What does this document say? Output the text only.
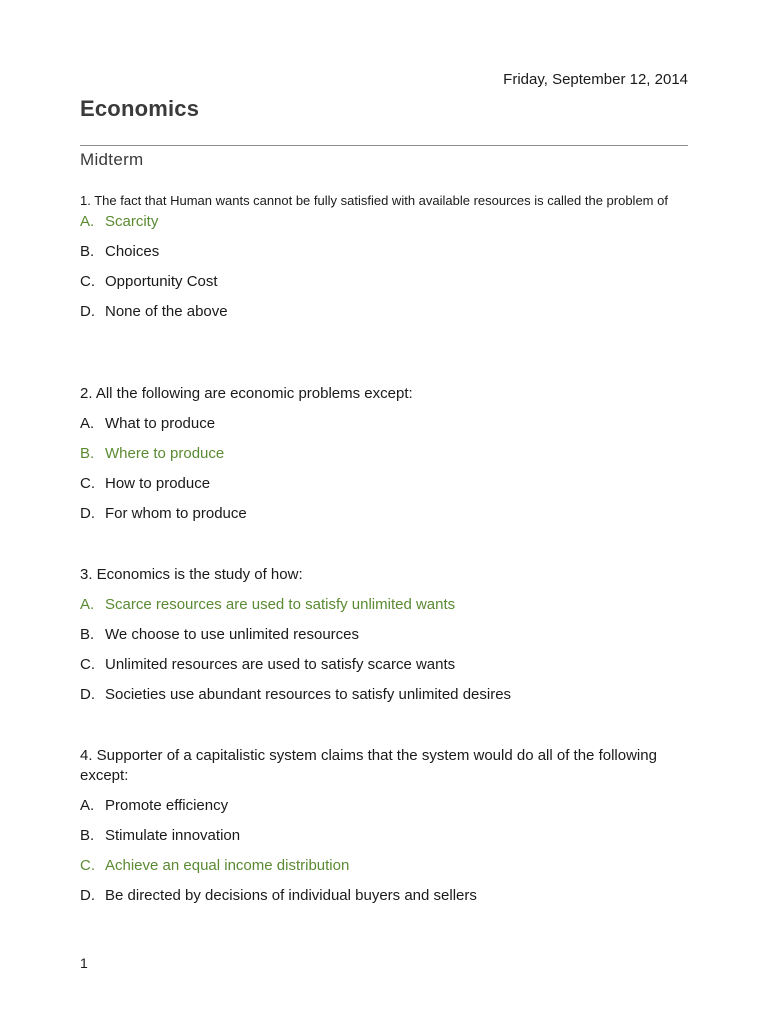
Friday, September 12, 2014
Economics
Midterm

1. The fact that Human wants cannot be fully satisfied with available resources is called the problem of

A. Scarcity
B. Choices
C. Opportunity Cost
D. None of the above

2. All the following are economic problems except:

A. What to produce
B. Where to produce
C. How to produce
D. For whom to produce

3. Economics is the study of how:

A. Scarce resources are used to satisfy unlimited wants
B. We choose to use unlimited resources
C. Unlimited resources are used to satisfy scarce wants
D. Societies use abundant resources to satisfy unlimited desires

4. Supporter of a capitalistic system claims that the system would do all of the following except:

A. Promote efficiency
B. Stimulate innovation
C. Achieve an equal income distribution
D. Be directed by decisions of individual buyers and sellers
1
